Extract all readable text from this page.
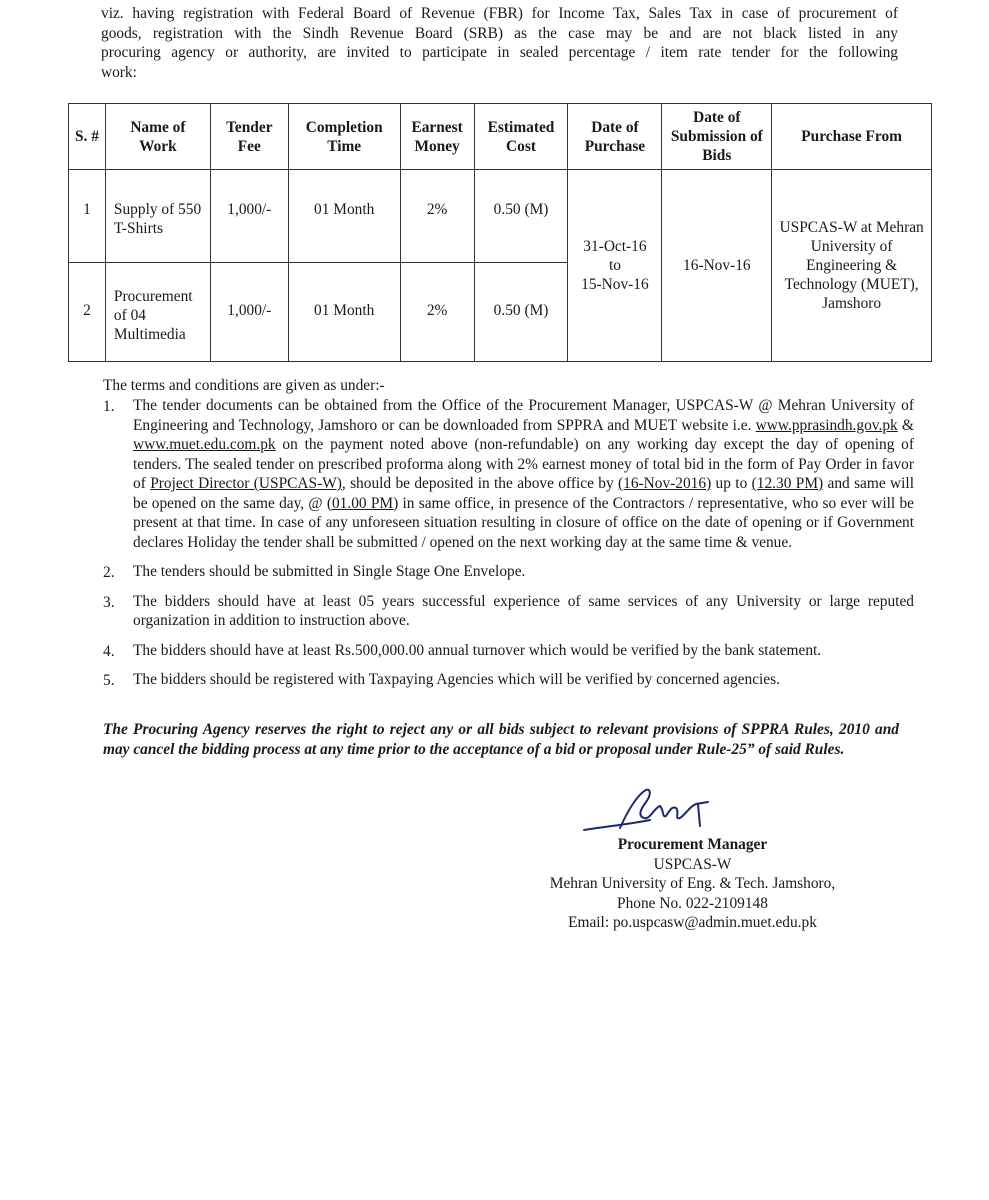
viz. having registration with Federal Board of Revenue (FBR) for Income Tax, Sales Tax in case of procurement of
goods, registration with the Sindh Revenue Board (SRB) as the case may be and are not black listed in any
procuring agency or authority, are invited to participate in sealed percentage / item rate tender for the following
work:
S. #	Name of Work	Tender Fee	Completion Time	Earnest Money	Estimated Cost	Date of Purchase	Date of Submission of Bids	Purchase From
1	Supply of 550 T-Shirts	1,000/-	01 Month	2%	0.50 (M)	31-Oct-16
to
15-Nov-16	16-Nov-16	USPCAS-W at Mehran University of Engineering & Technology (MUET), Jamshoro
2	Procurement of 04 Multimedia	1,000/-	01 Month	2%	0.50 (M)			
The terms and conditions are given as under:-
1. The tender documents can be obtained from the Office of the Procurement Manager, USPCAS-W @ Mehran University of Engineering and Technology, Jamshoro or can be downloaded from SPPRA and MUET website i.e. www.pprasindh.gov.pk & www.muet.edu.com.pk on the payment noted above (non-refundable) on any working day except the day of opening of tenders. The sealed tender on prescribed proforma along with 2% earnest money of total bid in the form of Pay Order in favor of Project Director (USPCAS-W), should be deposited in the above office by (16-Nov-2016) up to (12.30 PM) and same will be opened on the same day, @ (01.00 PM) in same office, in presence of the Contractors / representative, who so ever will be present at that time. In case of any unforeseen situation resulting in closure of office on the date of opening or if Government declares Holiday the tender shall be submitted / opened on the next working day at the same time & venue.
2. The tenders should be submitted in Single Stage One Envelope.
3. The bidders should have at least 05 years successful experience of same services of any University or large reputed organization in addition to instruction above.
4. The bidders should have at least Rs.500,000.00 annual turnover which would be verified by the bank statement.
5. The bidders should be registered with Taxpaying Agencies which will be verified by concerned agencies.
The Procuring Agency reserves the right to reject any or all bids subject to relevant provisions of SPPRA Rules, 2010 and may cancel the bidding process at any time prior to the acceptance of a bid or proposal under Rule-25” of said Rules.
Procurement Manager
USPCAS-W
Mehran University of Eng. & Tech. Jamshoro,
Phone No. 022-2109148
Email: po.uspcasw@admin.muet.edu.pk
